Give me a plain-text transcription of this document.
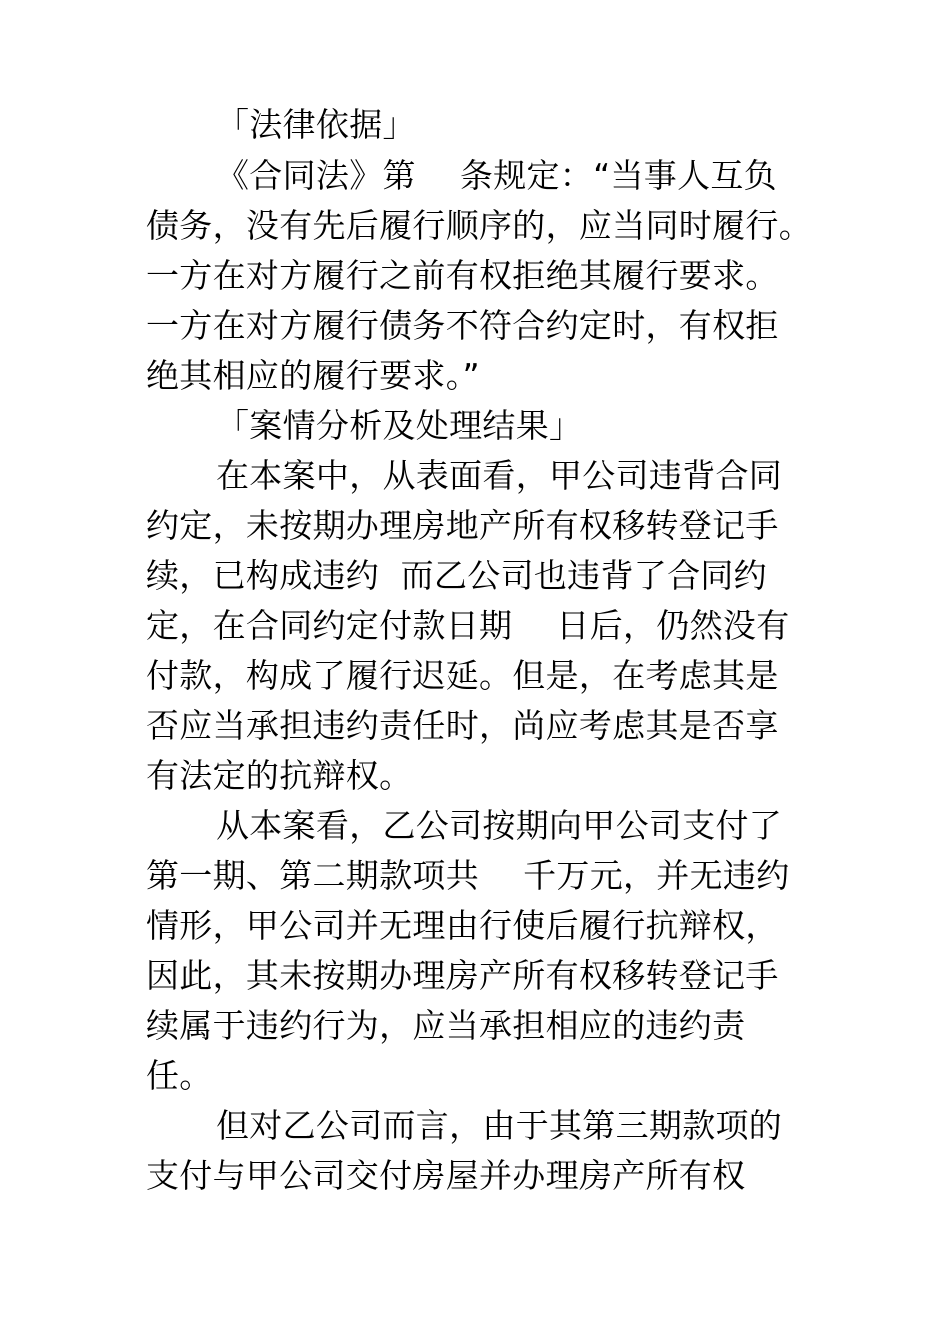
「法律依据」
《合同法》第　 条规定：“当事人互负
债务，没有先后履行顺序的，应当同时履行。
一方在对方履行之前有权拒绝其履行要求。
一方在对方履行债务不符合约定时，有权拒
绝其相应的履行要求。”
「案情分析及处理结果」
在本案中，从表面看，甲公司违背合同
约定，未按期办理房地产所有权移转登记手
续，已构成违约  而乙公司也违背了合同约
定，在合同约定付款日期　 日后，仍然没有
付款，构成了履行迟延。但是，在考虑其是
否应当承担违约责任时，尚应考虑其是否享
有法定的抗辩权。
从本案看，乙公司按期向甲公司支付了
第一期、第二期款项共　 千万元，并无违约
情形，甲公司并无理由行使后履行抗辩权，
因此，其未按期办理房产所有权移转登记手
续属于违约行为，应当承担相应的违约责
任。
但对乙公司而言，由于其第三期款项的
支付与甲公司交付房屋并办理房产所有权
